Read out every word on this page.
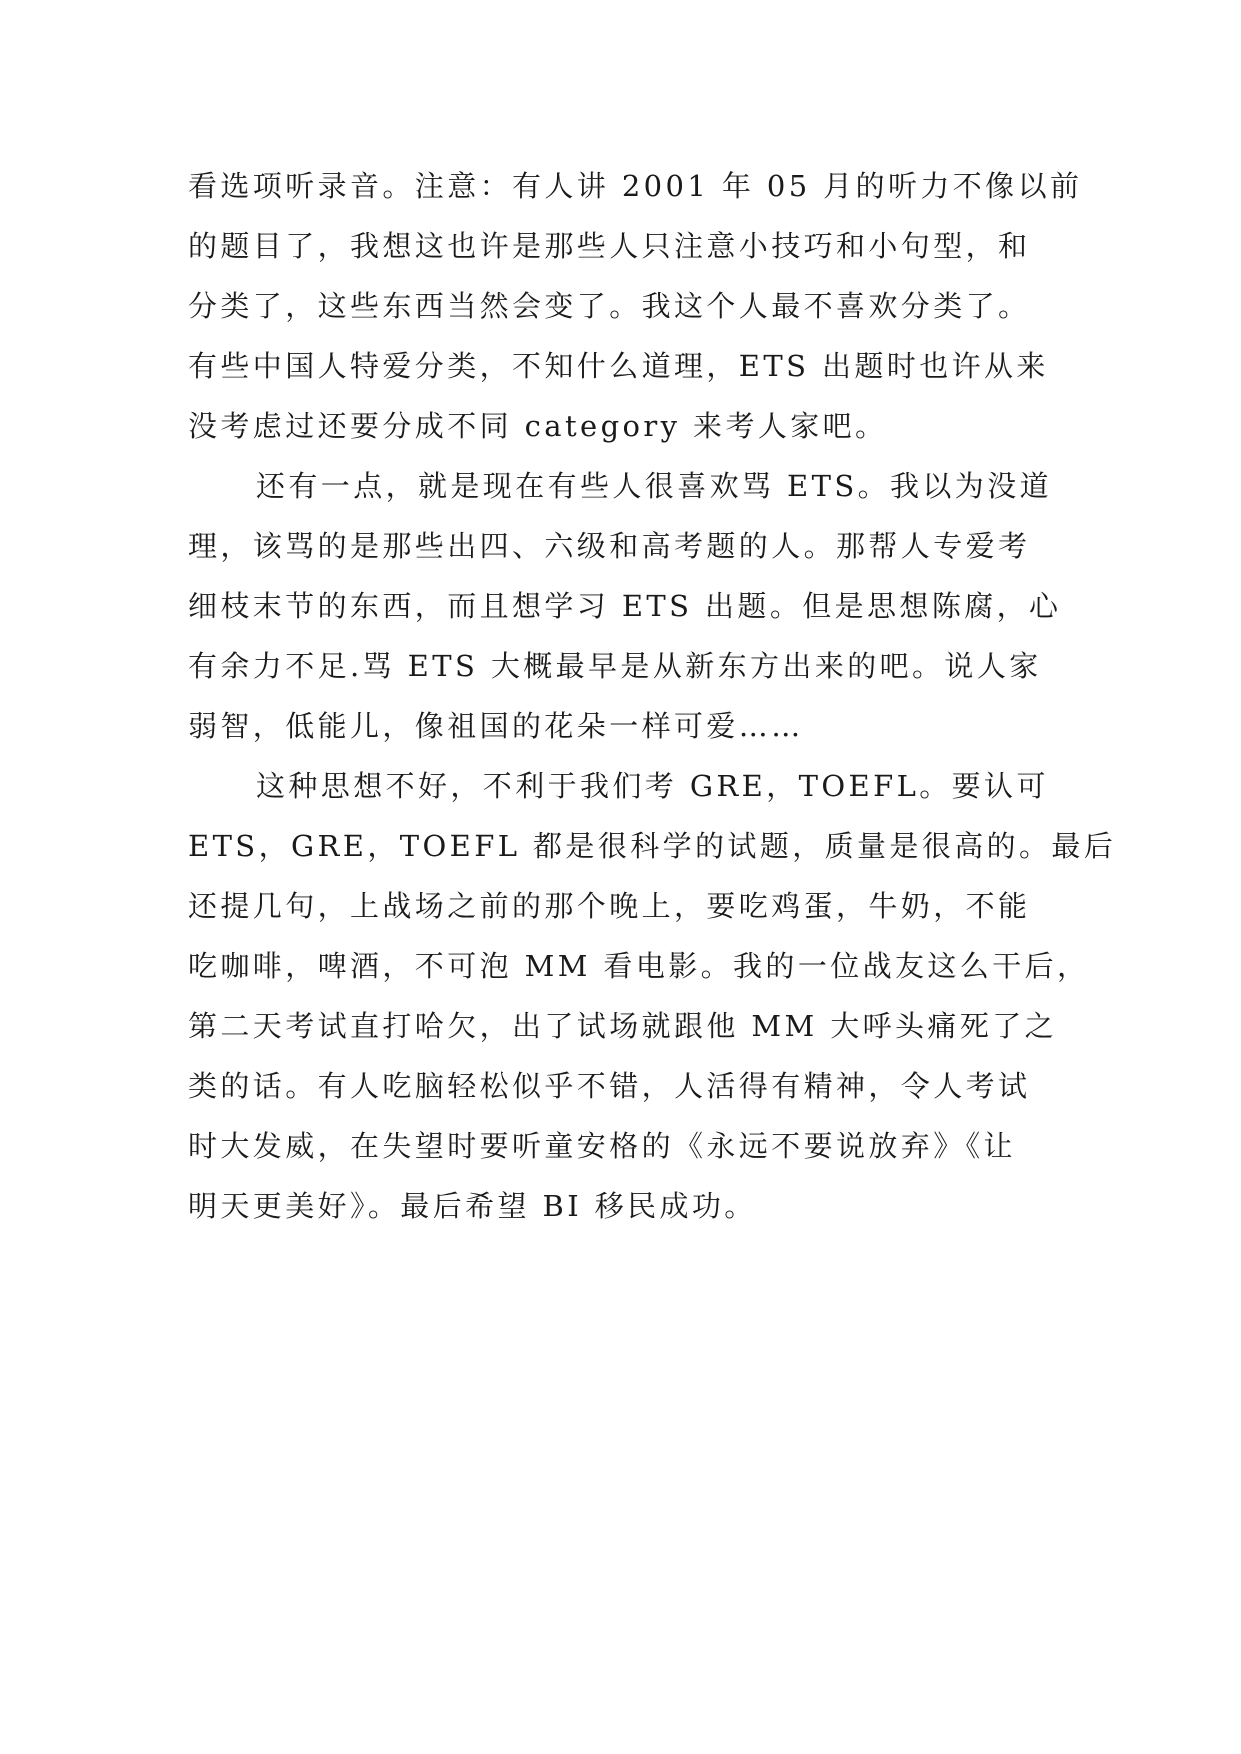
看选项听录音。注意：有人讲 2001 年 05 月的听力不像以前
的题目了，我想这也许是那些人只注意小技巧和小句型，和
分类了，这些东西当然会变了。我这个人最不喜欢分类了。
有些中国人特爱分类，不知什么道理，ETS 出题时也许从来
没考虑过还要分成不同 category 来考人家吧。
还有一点，就是现在有些人很喜欢骂 ETS。我以为没道
理，该骂的是那些出四、六级和高考题的人。那帮人专爱考
细枝末节的东西，而且想学习 ETS 出题。但是思想陈腐，心
有余力不足.骂 ETS 大概最早是从新东方出来的吧。说人家
弱智，低能儿，像祖国的花朵一样可爱……
这种思想不好，不利于我们考 GRE，TOEFL。要认可
ETS，GRE，TOEFL 都是很科学的试题，质量是很高的。最后
还提几句，上战场之前的那个晚上，要吃鸡蛋，牛奶，不能
吃咖啡，啤酒，不可泡 MM 看电影。我的一位战友这么干后，
第二天考试直打哈欠，出了试场就跟他 MM 大呼头痛死了之
类的话。有人吃脑轻松似乎不错，人活得有精神，令人考试
时大发威，在失望时要听童安格的《永远不要说放弃》《让
明天更美好》。最后希望 BI 移民成功。
